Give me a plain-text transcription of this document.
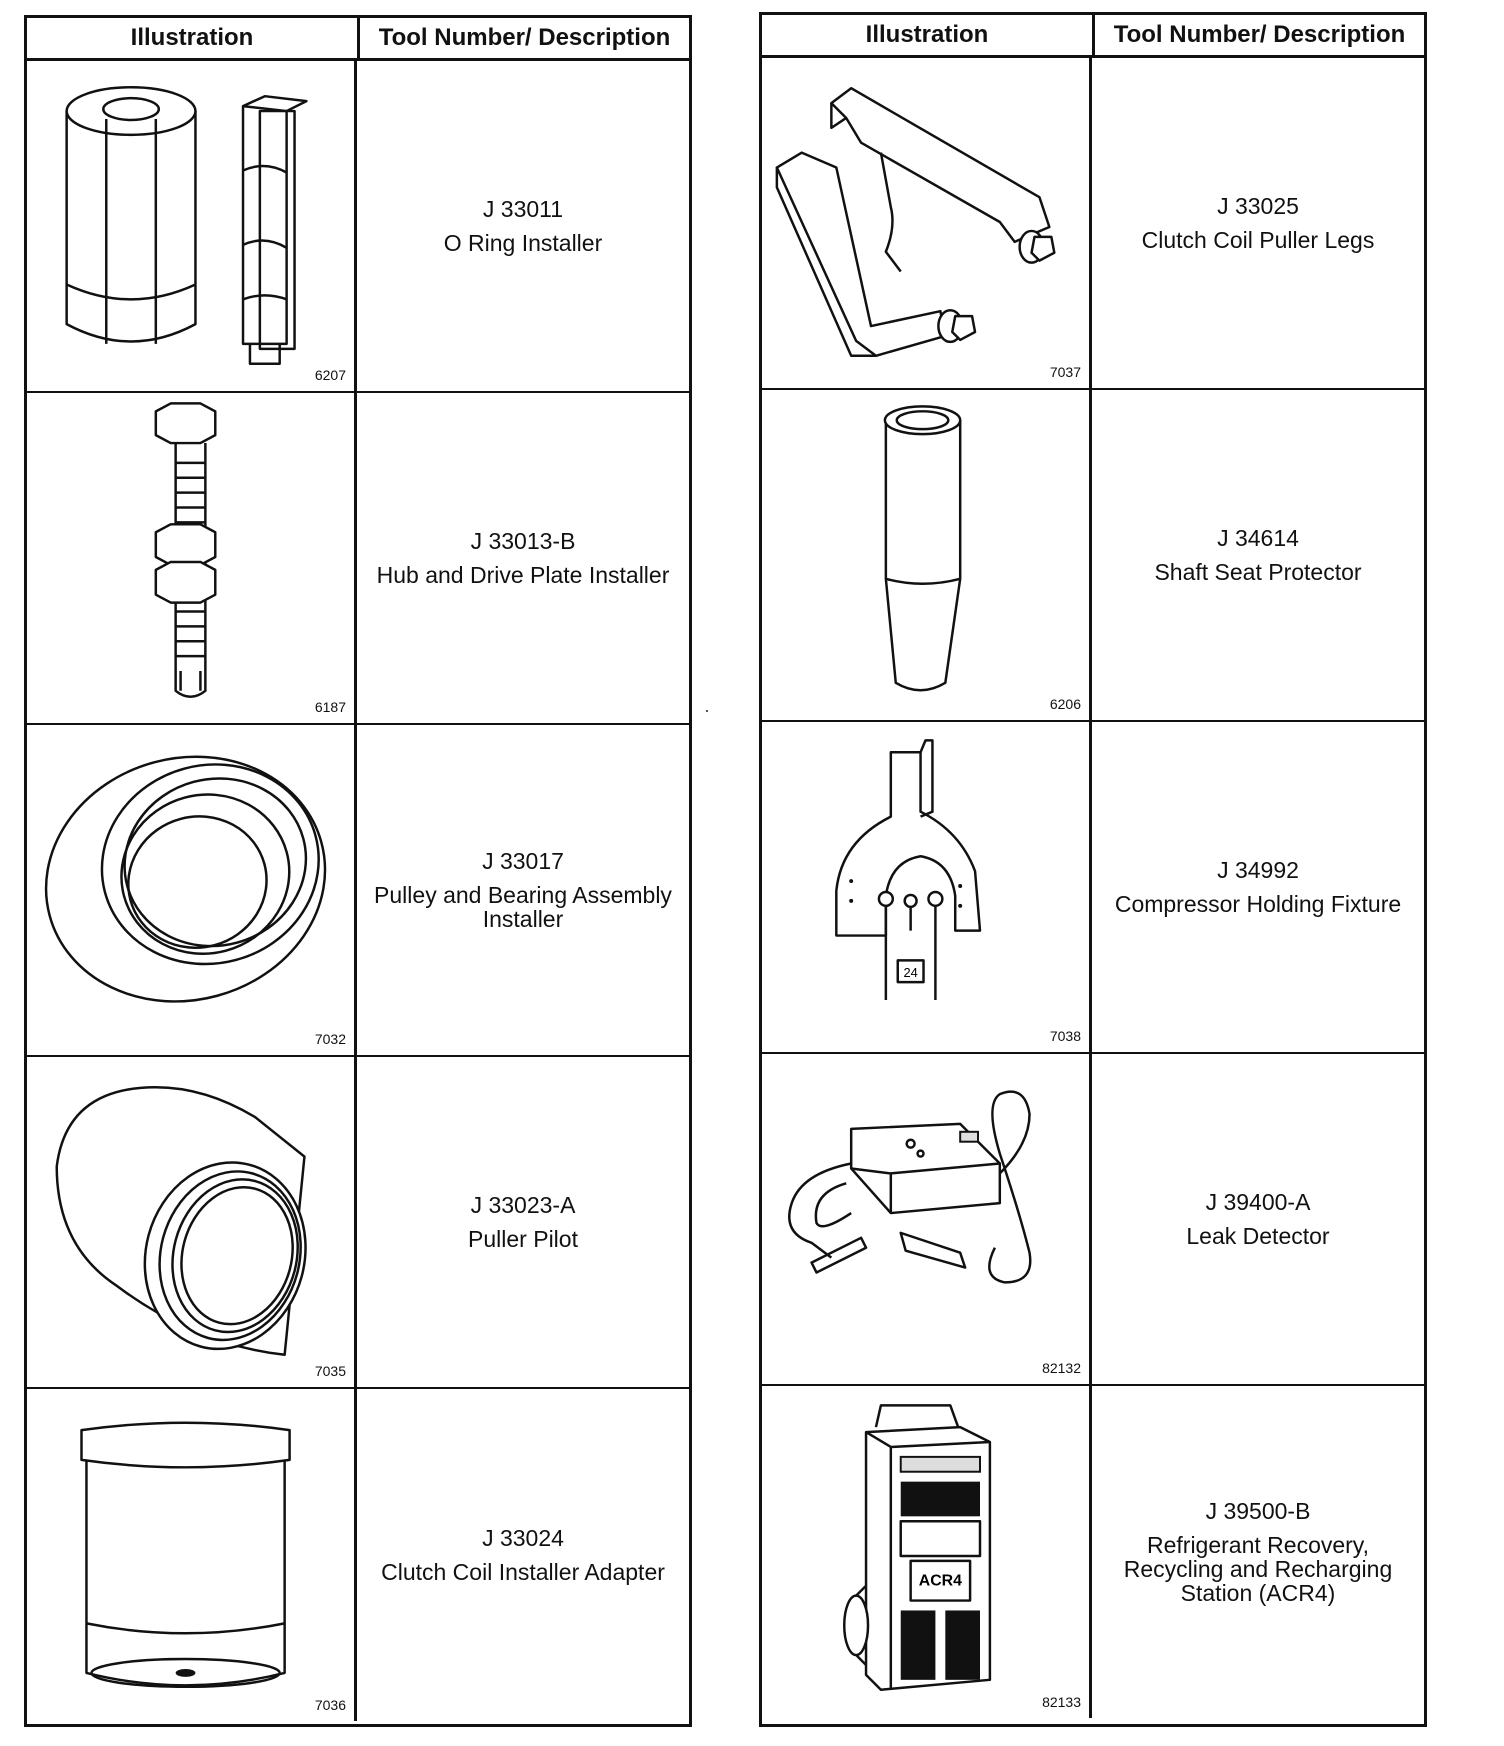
Illustration	Tool Number/ Description
6207
J 33011
O Ring Installer
6187
J 33013-B
Hub and Drive Plate Installer
7032
J 33017
Pulley and Bearing Assembly Installer
7035
J 33023-A
Puller Pilot
7036
J 33024
Clutch Coil Installer Adapter
Illustration	Tool Number/ Description
7037
J 33025
Clutch Coil Puller Legs
6206
J 34614
Shaft Seat Protector
24
7038
J 34992
Compressor Holding Fixture
82132
J 39400-A
Leak Detector
ACR4
82133
J 39500-B
Refrigerant Recovery, Recycling and Recharging Station (ACR4)
